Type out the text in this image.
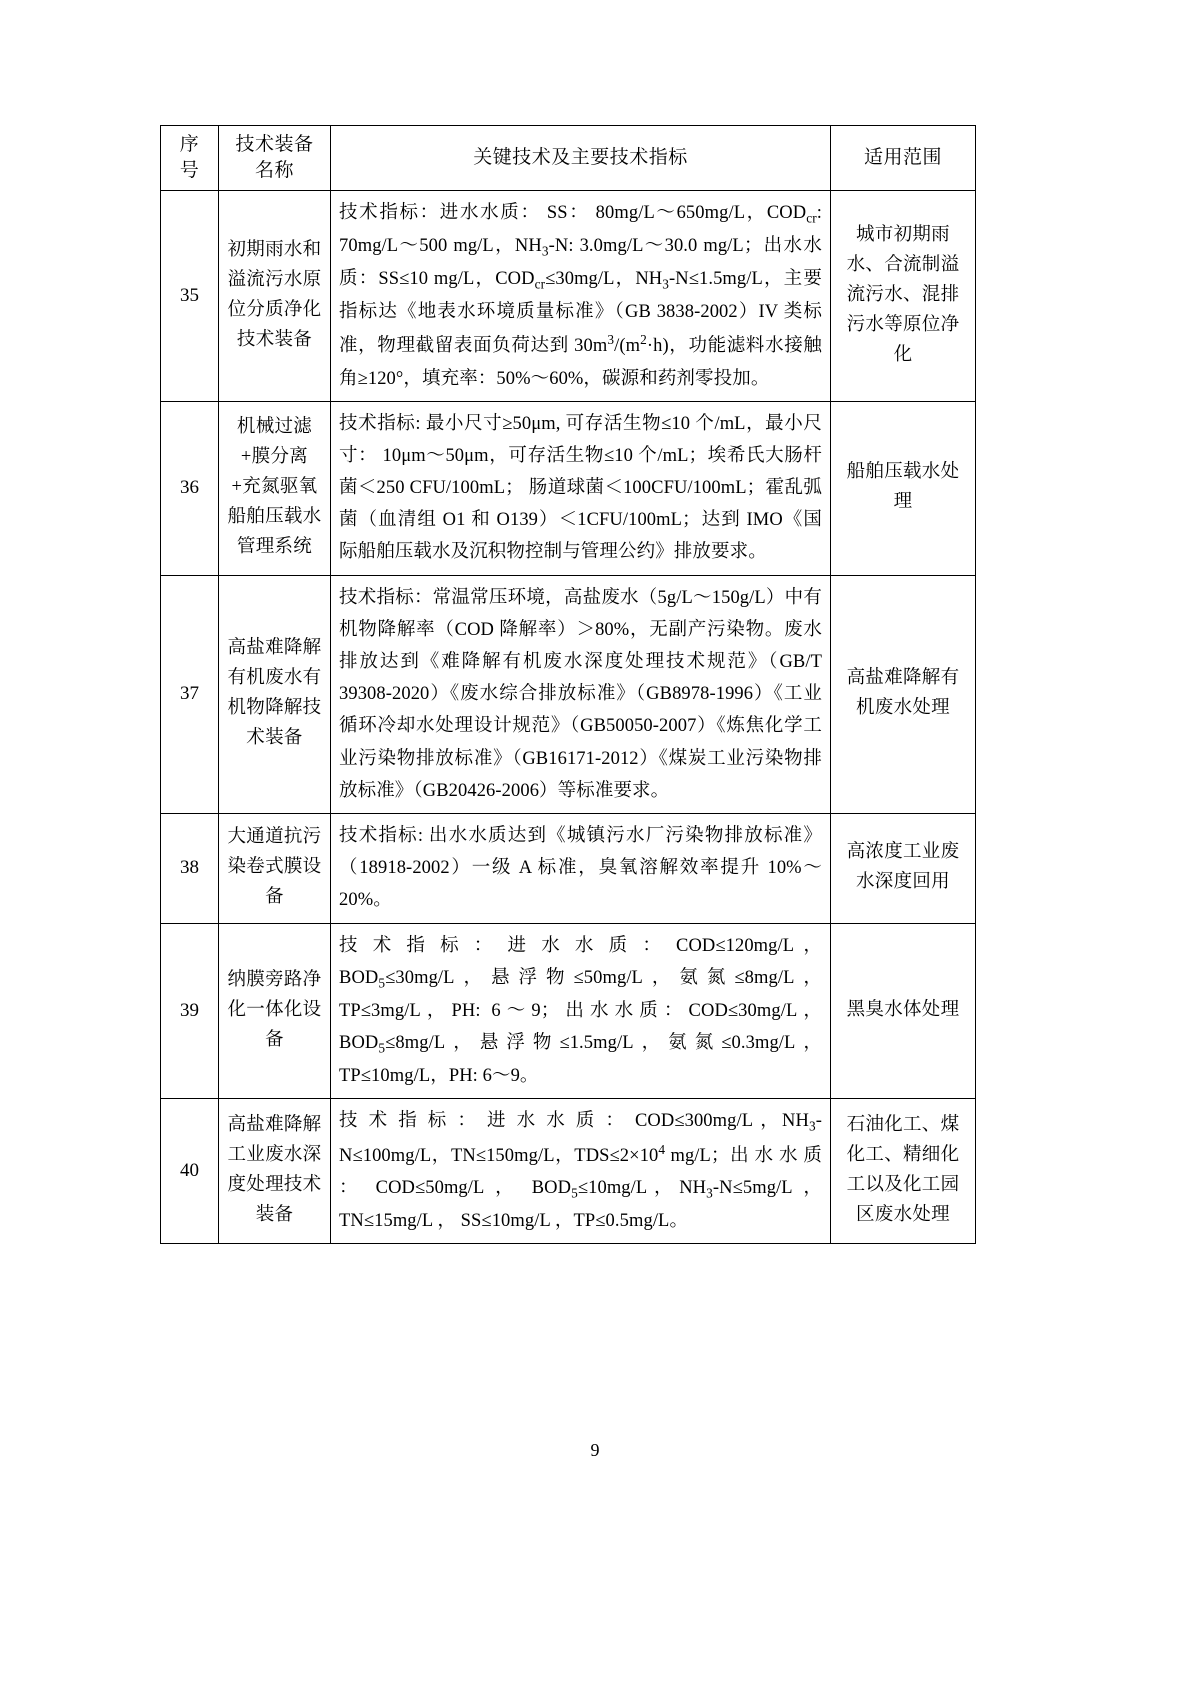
序 号	技术装备 名称	关键技术及主要技术指标	适用范围
35	初期雨水和溢流污水原位分质净化技术装备	技术指标：进水水质： SS： 80mg/L～650mg/L，$COD_{cr}$: 70mg/L～500 mg/L，$NH_3-N$: 3.0mg/L～30.0 mg/L；出水水质：SS≤10 mg/L，$COD_{cr}\le 30mg/L$，$NH_3-N\le 1.5mg/L$，主要指标达《地表水环境质量标准》（GB 3838-2002）IV 类标准，物理截留表面负荷达到 $30m^3/(m^2\cdot h)$，功能滤料水接触角≥120°，填充率：50%～60%，碳源和药剂零投加。	城市初期雨水、合流制溢流污水、混排污水等原位净化
36	机械过滤+膜分离+充氮驱氧船舶压载水管理系统	技术指标: 最小尺寸≥50μm, 可存活生物≤10 个/mL，最小尺寸： 10μm～50μm，可存活生物≤10 个/mL；埃希氏大肠杆菌＜250 CFU/100mL； 肠道球菌＜100CFU/100mL；霍乱弧菌（血清组 O1 和 O139）＜1CFU/100mL；达到 IMO《国际船舶压载水及沉积物控制与管理公约》排放要求。	船舶压载水处理
37	高盐难降解有机废水有机物降解技术装备	技术指标：常温常压环境，高盐废水（5g/L～150g/L）中有机物降解率（COD 降解率）＞80%，无副产污染物。废水排放达到《难降解有机废水深度处理技术规范》（GB/T 39308-2020）《废水综合排放标准》（GB8978-1996）《工业循环冷却水处理设计规范》（GB50050-2007）《炼焦化学工业污染物排放标准》（GB16171-2012）《煤炭工业污染物排放标准》（GB20426-2006）等标准要求。	高盐难降解有机废水处理
38	大通道抗污染卷式膜设备	技术指标: 出水水质达到《城镇污水厂污染物排放标准》（18918-2002）一级 A 标准，臭氧溶解效率提升 10%～20%。	高浓度工业废水深度回用
39	纳膜旁路净化一体化设备	技 术 指 标 ： 进 水 水 质 ： COD≤120mg/L ，$BOD_5\le 30mg/L$，悬浮物≤50mg/L，氨氮≤8mg/L，TP≤3mg/L，PH: 6～9；出水水质：COD≤30mg/L，$BOD_5\le 8mg/L$，悬浮物≤1.5mg/L，氨氮≤0.3mg/L，TP≤10mg/L，PH: 6～9。	黑臭水体处理
40	高盐难降解工业废水深度处理技术装备	技 术 指 标 ： 进 水 水 质 ： COD≤300mg/L ，$NH_3-N\le 100mg/L$，TN≤150mg/L，$TDS\le 2\times 10^4$ mg/L；出 水 水 质 ： COD≤50mg/L ， $BOD_5\le 10mg/L$，$NH_3-N\le 5mg/L$ ， TN≤15mg/L ， SS≤10mg/L ，TP≤0.5mg/L。	石油化工、煤化工、精细化工以及化工园区废水处理
9
